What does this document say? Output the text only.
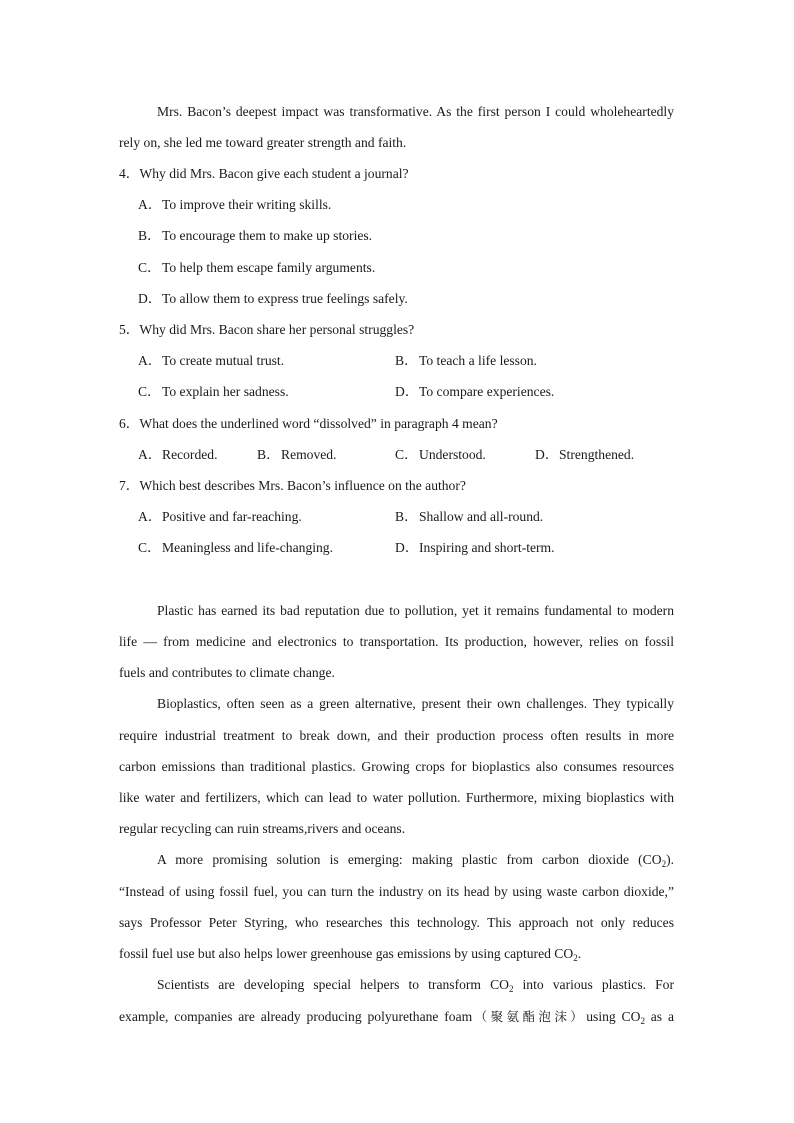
Mrs. Bacon’s deepest impact was transformative. As the first person I could wholeheartedly
rely on, she led me toward greater strength and faith.
4．Why did Mrs. Bacon give each student a journal?
A．To improve their writing skills.
B．To encourage them to make up stories.
C．To help them escape family arguments.
D．To allow them to express true feelings safely.
5．Why did Mrs. Bacon share her personal struggles?
A．To create mutual trust.	B．To teach a life lesson.
C．To explain her sadness.	D．To compare experiences.
6．What does the underlined word “dissolved” in paragraph 4 mean?
A．Recorded.	B．Removed.	C．Understood.	D．Strengthened.
7．Which best describes Mrs. Bacon’s influence on the author?
A．Positive and far-reaching.	B．Shallow and all-round.
C．Meaningless and life-changing.	D．Inspiring and short-term.
Plastic has earned its bad reputation due to pollution, yet it remains fundamental to modern
life — from medicine and electronics to transportation. Its production, however, relies on fossil
fuels and contributes to climate change.
Bioplastics, often seen as a green alternative, present their own challenges. They typically
require industrial treatment to break down, and their production process often results in more
carbon emissions than traditional plastics. Growing crops for bioplastics also consumes resources
like water and fertilizers, which can lead to water pollution. Furthermore, mixing bioplastics with
regular recycling can ruin streams,rivers and oceans.
A more promising solution is emerging: making plastic from carbon dioxide $(CO_2)$.
“Instead of using fossil fuel, you can turn the industry on its head by using waste carbon dioxide,”
says Professor Peter Styring, who researches this technology. This approach not only reduces
fossil fuel use but also helps lower greenhouse gas emissions by using captured $CO_2$.
Scientists are developing special helpers to transform $CO_2$ into various plastics. For
example, companies are already producing polyurethane foam（聚氨酯泡沫）using $CO_2$ as a
